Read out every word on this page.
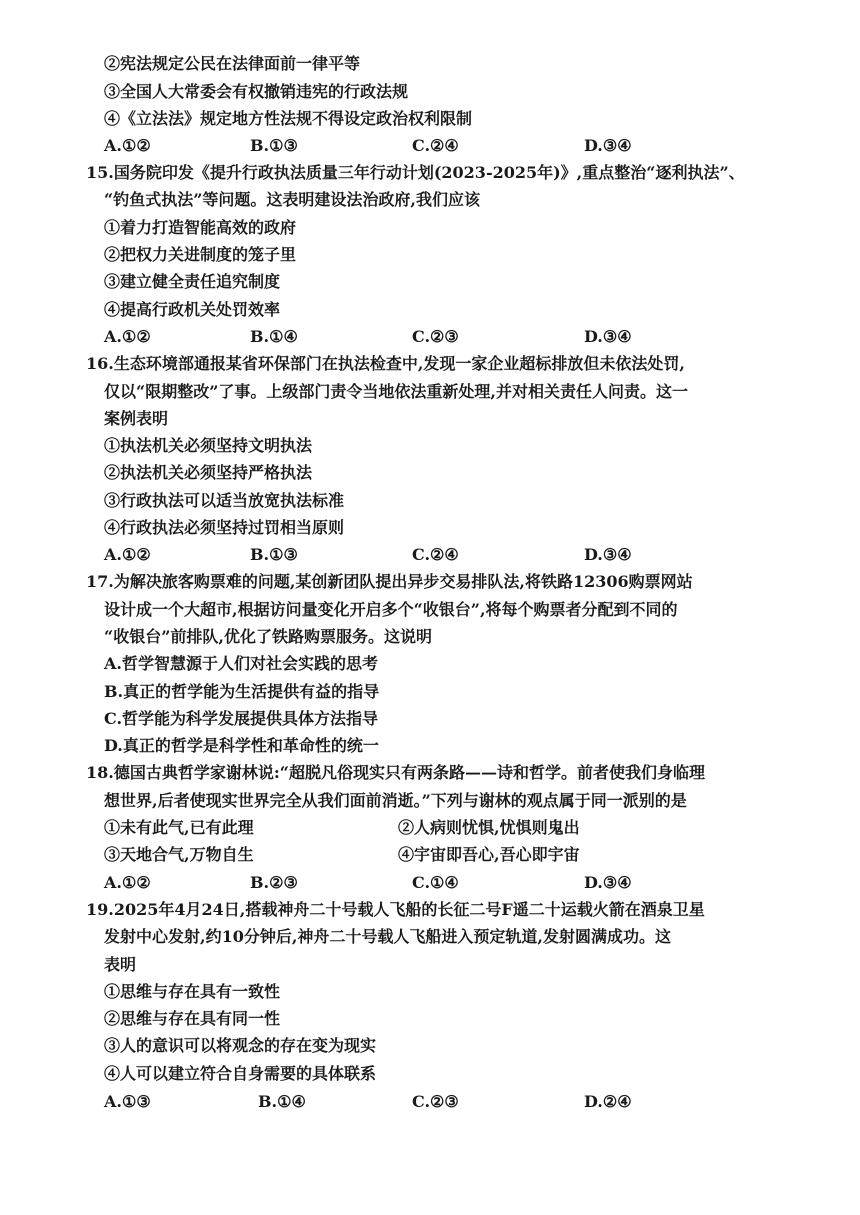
②宪法规定公民在法律面前一律平等
③全国人大常委会有权撤销违宪的行政法规
④《立法法》规定地方性法规不得设定政治权利限制
A.①②	B.①③	C.②④	D.③④
15.国务院印发《提升行政执法质量三年行动计划(2023-2025年)》,重点整治“逐利执法”、
“钓鱼式执法”等问题。这表明建设法治政府,我们应该
①着力打造智能高效的政府
②把权力关进制度的笼子里
③建立健全责任追究制度
④提高行政机关处罚效率
A.①②	B.①④	C.②③	D.③④
16.生态环境部通报某省环保部门在执法检查中,发现一家企业超标排放但未依法处罚,
仅以“限期整改”了事。上级部门责令当地依法重新处理,并对相关责任人问责。这一
案例表明
①执法机关必须坚持文明执法
②执法机关必须坚持严格执法
③行政执法可以适当放宽执法标准
④行政执法必须坚持过罚相当原则
A.①②	B.①③	C.②④	D.③④
17.为解决旅客购票难的问题,某创新团队提出异步交易排队法,将铁路12306购票网站
设计成一个大超市,根据访问量变化开启多个“收银台”,将每个购票者分配到不同的
“收银台”前排队,优化了铁路购票服务。这说明
A.哲学智慧源于人们对社会实践的思考
B.真正的哲学能为生活提供有益的指导
C.哲学能为科学发展提供具体方法指导
D.真正的哲学是科学性和革命性的统一
18.德国古典哲学家谢林说:“超脱凡俗现实只有两条路——诗和哲学。前者使我们身临理
想世界,后者使现实世界完全从我们面前消逝。”下列与谢林的观点属于同一派别的是
①未有此气,已有此理	②人病则忧惧,忧惧则鬼出
③天地合气,万物自生	④宇宙即吾心,吾心即宇宙
A.①②	B.②③	C.①④	D.③④
19.2025年4月24日,搭载神舟二十号载人飞船的长征二号F遥二十运载火箭在酒泉卫星
发射中心发射,约10分钟后,神舟二十号载人飞船进入预定轨道,发射圆满成功。这
表明
①思维与存在具有一致性
②思维与存在具有同一性
③人的意识可以将观念的存在变为现实
④人可以建立符合自身需要的具体联系
A.①③	B.①④	C.②③	D.②④
